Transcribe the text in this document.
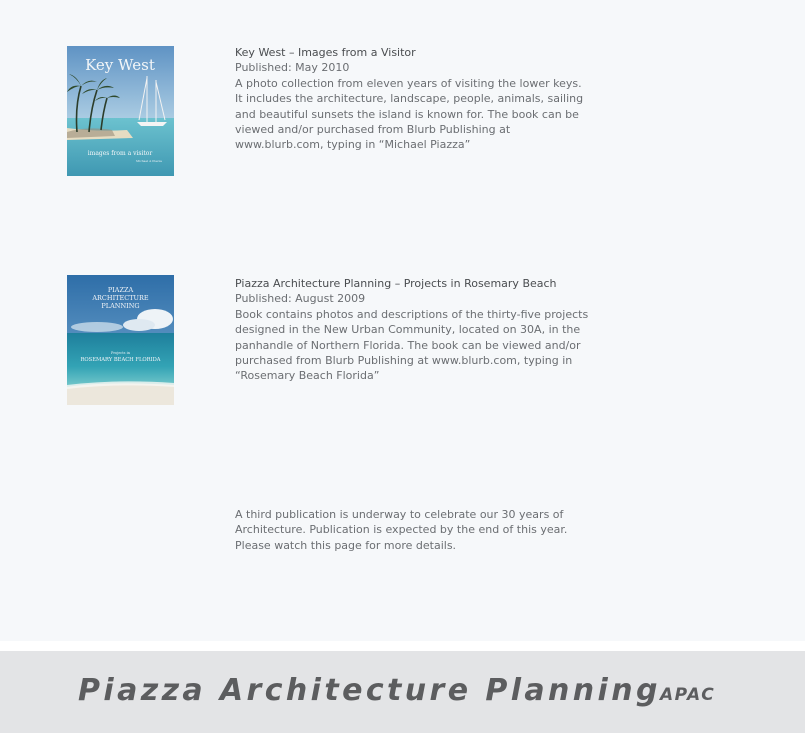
Key West
images from a visitor
Michael A Piazza
Key West – Images from a Visitor
Published: May 2010
A photo collection from eleven years of visiting the lower keys.
It includes the architecture, landscape, people, animals, sailing
and beautiful sunsets the island is known for. The book can be
viewed and/or purchased from Blurb Publishing at
www.blurb.com, typing in “Michael Piazza”
PIAZZA
ARCHITECTURE
PLANNING
Projects in
ROSEMARY BEACH FLORIDA
Piazza Architecture Planning – Projects in Rosemary Beach
Published: August 2009
Book contains photos and descriptions of the thirty-five projects
designed in the New Urban Community, located on 30A, in the
panhandle of Northern Florida. The book can be viewed and/or
purchased from Blurb Publishing at www.blurb.com, typing in
“Rosemary Beach Florida”
A third publication is underway to celebrate our 30 years of
Architecture. Publication is expected by the end of this year.
Please watch this page for more details.
Piazza Architecture Planning APAC
